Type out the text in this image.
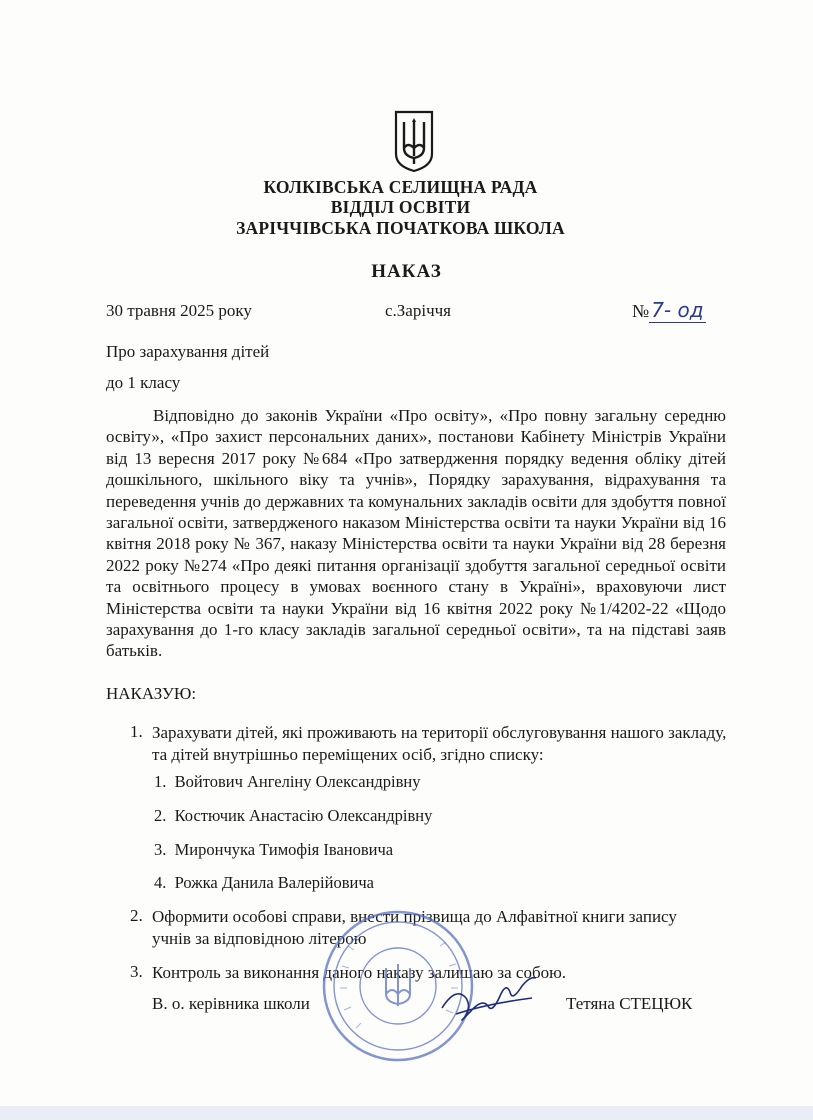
КОЛКІВСЬКА СЕЛИЩНА РАДА
ВІДДІЛ ОСВІТИ
ЗАРІЧЧІВСЬКА ПОЧАТКОВА ШКОЛА
НАКАЗ
30 травня 2025 року	с.Заріччя	№ 7- од
Про зарахування дітей
до 1 класу

Відповідно до законів України «Про освіту», «Про повну загальну середню освіту», «Про захист персональних даних», постанови Кабінету Міністрів України від 13 вересня 2017 року №684 «Про затвердження порядку ведення обліку дітей дошкільного, шкільного віку та учнів», Порядку зарахування, відрахування та переведення учнів до державних та комунальних закладів освіти для здобуття повної загальної освіти, затвердженого наказом Міністерства освіти та науки України від 16 квітня 2018 року № 367, наказу Міністерства освіти та науки України від 28 березня 2022 року №274 «Про деякі питання організації здобуття загальної середньої освіти та освітнього процесу в умовах воєнного стану в Україні», враховуючи лист Міністерства освіти та науки України від 16 квітня 2022 року №1/4202-22 «Щодо зарахування до 1-го класу закладів загальної середньої освіти», та на підставі заяв батьків.

НАКАЗУЮ:
1. Зарахувати дітей, які проживають на території обслуговування нашого закладу, та дітей внутрішньо переміщених осіб, згідно списку:
1. Войтович Ангеліну Олександрівну
2. Костючик Анастасію Олександрівну
3. Мирончука Тимофія Івановича
4. Рожка Данила Валерійовича
2. Оформити особові справи, внести прізвища до Алфавітної книги запису учнів за відповідною літерою
3. Контроль за виконання даного наказу залишаю за собою.
В. о. керівника школи	Тетяна СТЕЦЮК
